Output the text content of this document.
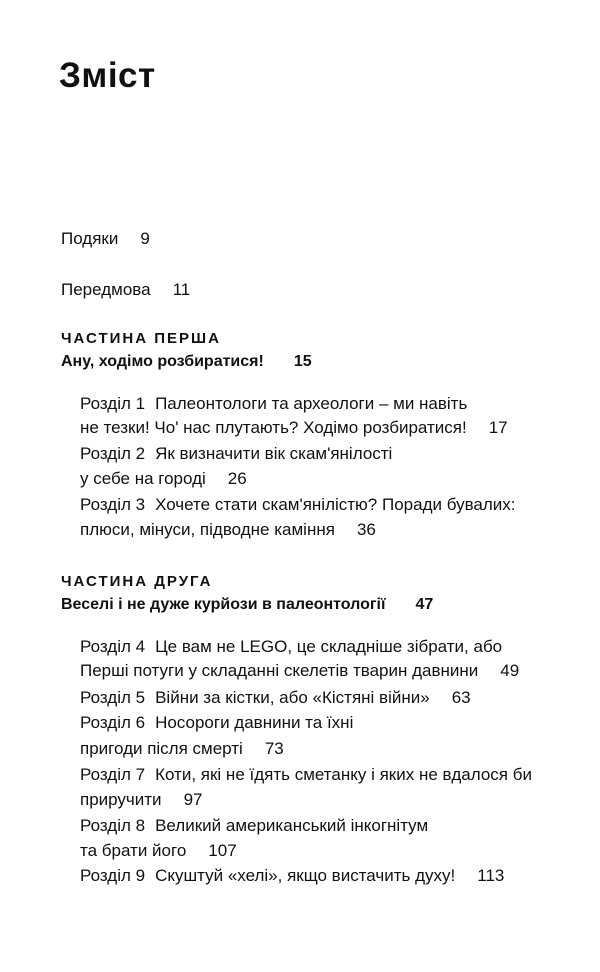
Зміст
Подяки 9
Передмова 11
ЧАСТИНА ПЕРША
Ану, ходімо розбиратися! 15
Розділ 1 Палеонтологи та археологи – ми навіть
не тезки! Чо' нас плутають? Ходімо розбиратися! 17
Розділ 2 Як визначити вік скам'янілості
у себе на городі 26
Розділ 3 Хочете стати скам'янілістю? Поради бувалих:
плюси, мінуси, підводне каміння 36
ЧАСТИНА ДРУГА
Веселі і не дуже курйози в палеонтології 47
Розділ 4 Це вам не LEGO, це складніше зібрати, або
Перші потуги у складанні скелетів тварин давнини 49
Розділ 5 Війни за кістки, або «Кістяні війни» 63
Розділ 6 Носороги давнини та їхні
пригоди після смерті 73
Розділ 7 Коти, які не їдять сметанку і яких не вдалося би
приручити 97
Розділ 8 Великий американський інкогнітум
та брати його 107
Розділ 9 Скуштуй «хелі», якщо вистачить духу! 113
